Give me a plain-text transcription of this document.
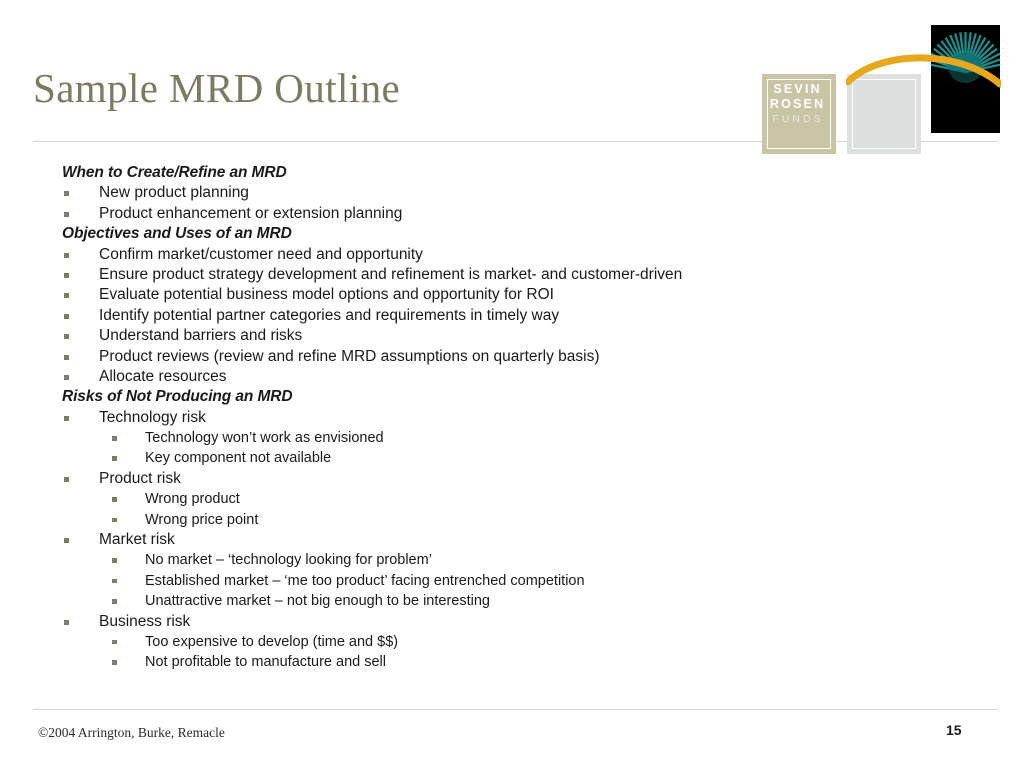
Sample MRD Outline	SEVIN
ROSEN
FUNDS
When to Create/Refine an MRD
New product planning
Product enhancement or extension planning
Objectives and Uses of an MRD
Confirm market/customer need and opportunity
Ensure product strategy development and refinement is market- and customer-driven
Evaluate potential business model options and opportunity for ROI
Identify potential partner categories and requirements in timely way
Understand barriers and risks
Product reviews (review and refine MRD assumptions on quarterly basis)
Allocate resources
Risks of Not Producing an MRD
Technology risk
Technology won’t work as envisioned
Key component not available
Product risk
Wrong product
Wrong price point
Market risk
No market – ‘technology looking for problem’
Established market – ‘me too product’ facing entrenched competition
Unattractive market – not big enough to be interesting
Business risk
Too expensive to develop (time and $$)
Not profitable to manufacture and sell
©2004 Arrington, Burke, Remacle	15
